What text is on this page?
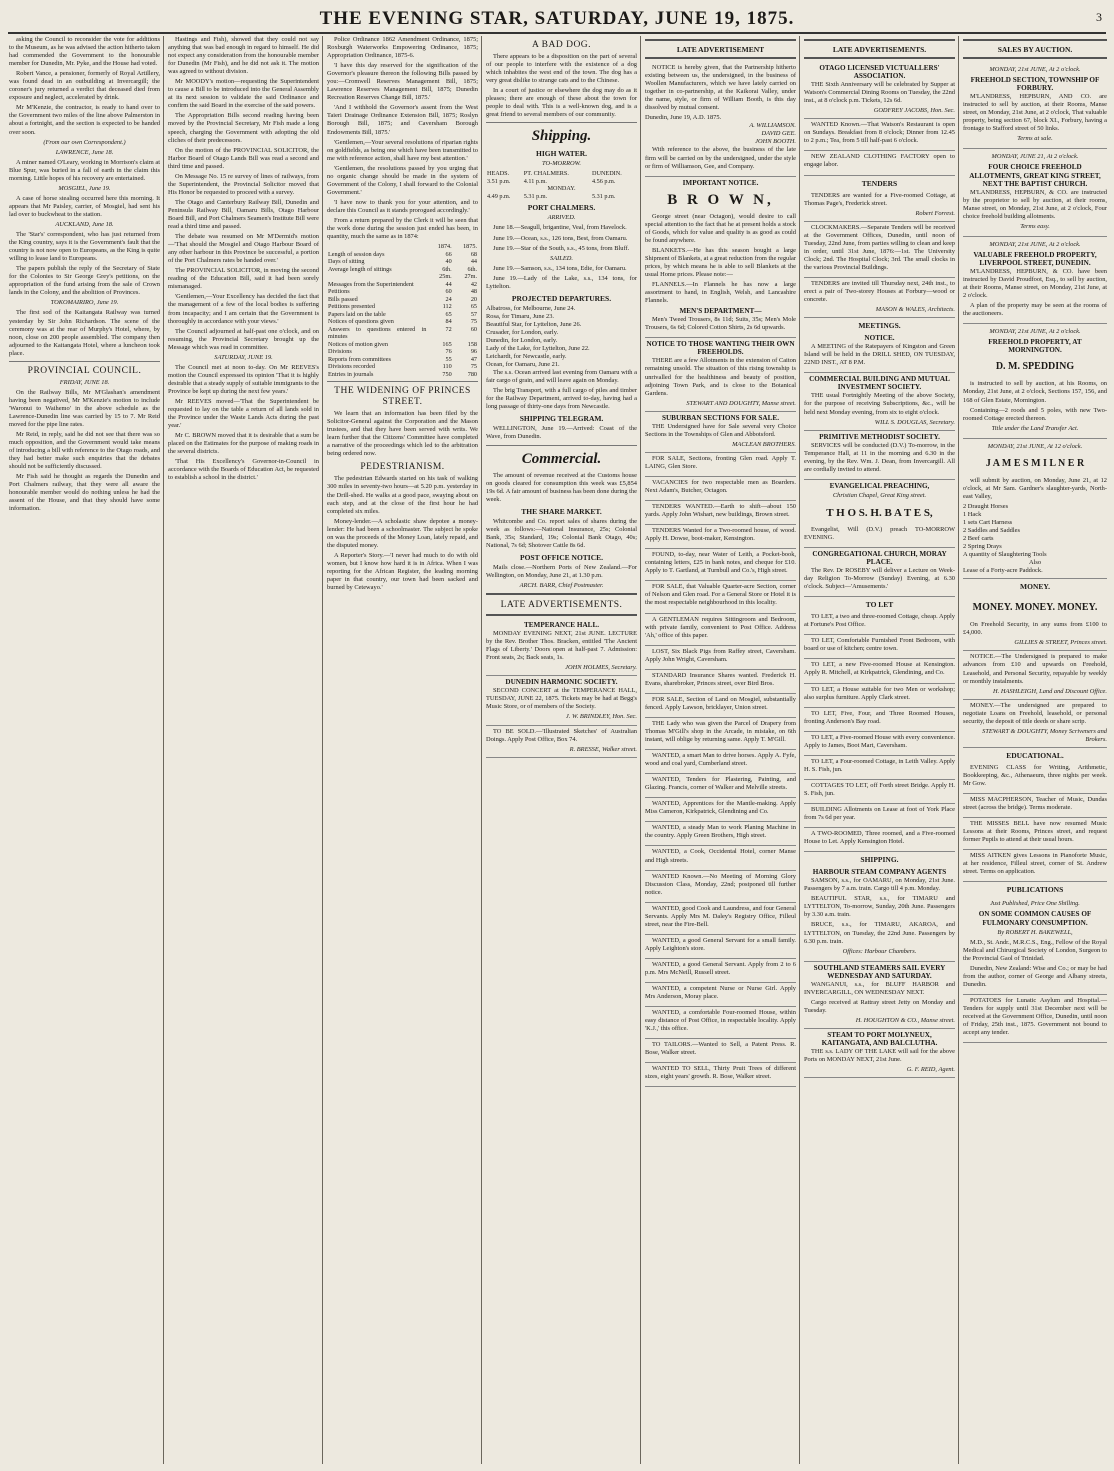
THE EVENING STAR, SATURDAY, JUNE 19, 1875.	3

asking the Council to reconsider the vote for additions to the Museum, as he was advised the action hitherto taken had commended the Government to the honourable member for Dunedin, Mr. Pyke, and the House had voted.

Robert Vance, a pensioner, formerly of Royal Artillery, was found dead in an outbuilding at Invercargill; the coroner's jury returned a verdict that deceased died from exposure and neglect, accelerated by drink.

Mr M'Kenzie, the contractor, is ready to hand over to the Government two miles of the line above Palmerston in about a fortnight, and the section is expected to be handed over soon.

(From our own Correspondent.)
LAWRENCE, June 18.

A miner named O'Leary, working in Morrison's claim at Blue Spur, was buried in a fall of earth in the claim this morning. Little hopes of his recovery are entertained.

MOSGIEL, June 19.

A case of horse stealing occurred here this morning. It appears that Mr Paisley, carrier, of Mosgiel, had sent his lad over to buckwheat to the station.

AUCKLAND, June 18.

The 'Star's' correspondent, who has just returned from the King country, says it is the Government's fault that the country is not now open to Europeans, as the King is quite willing to lease land to Europeans.

The papers publish the reply of the Secretary of State for the Colonies to Sir George Grey's petitions, on the appropriation of the fund arising from the sale of Crown lands in the Colony, and the abolition of Provinces.

TOKOMAIRIRO, June 19.

The first sod of the Kaitangata Railway was turned yesterday by Sir John Richardson. The scene of the ceremony was at the rear of Murphy's Hotel, where, by noon, close on 200 people assembled. The company then adjourned to the Kaitangata Hotel, where a luncheon took place.

PROVINCIAL COUNCIL.
FRIDAY, JUNE 18.

On the Railway Bills, Mr M'Glashan's amendment having been negatived, Mr M'Kenzie's motion to include 'Waronui to Waihemo' in the above schedule as the Lawrence-Dunedin line was carried by 15 to 7. Mr Reid moved for the pipe line rates.

Mr Reid, in reply, said he did not see that there was so much opposition, and the Government would take means of introducing a bill with reference to the Otago roads, and they had better make such enquiries that the debates should not be sufficiently discussed.

Mr Fish said he thought as regards the Dunedin and Port Chalmers railway, that they were all aware the honourable member would do nothing unless he had the assent of the House, and that they should have some information.

Hastings and Fish), showed that they could not say anything that was bad enough in regard to himself. He did not expect any consideration from the honourable member for Dunedin (Mr Fish), and he did not ask it. The motion was agreed to without division.

Mr MOODY's motion—requesting the Superintendent to cause a Bill to be introduced into the General Assembly at its next session to validate the said Ordinance and confirm the said Board in the exercise of the said powers.

The Appropriation Bills second reading having been moved by the Provincial Secretary, Mr Fish made a long speech, charging the Government with adopting the old cliches of their predecessors.

On the motion of the PROVINCIAL SOLICITOR, the Harbor Board of Otago Lands Bill was read a second and third time and passed.

On Message No. 15 re survey of lines of railways, from the Superintendent, the Provincial Solicitor moved that His Honor be requested to proceed with a survey.

The Otago and Canterbury Railway Bill, Dunedin and Peninsula Railway Bill, Oamaru Bills, Otago Harbour Board Bill, and Port Chalmers Seamen's Institute Bill were read a third time and passed.

The debate was resumed on Mr M'Dermid's motion—'That should the Mosgiel and Otago Harbour Board of any other harbour in this Province be successful, a portion of the Port Chalmers rates be handed over.'

The PROVINCIAL SOLICITOR, in moving the second reading of the Education Bill, said it had been sorely mismanaged.

'Gentlemen,—Your Excellency has decided the fact that the management of a few of the local bodies is suffering from incapacity; and I am certain that the Government is thoroughly in accordance with your views.'

The Council adjourned at half-past one o'clock, and on resuming, the Provincial Secretary brought up the Message which was read in committee.

SATURDAY, JUNE 19.

The Council met at noon to-day. On Mr REEVES's motion the Council expressed its opinion 'That it is highly desirable that a steady supply of suitable immigrants to the Province be kept up during the next few years.'

Mr REEVES moved—'That the Superintendent be requested to lay on the table a return of all lands sold in the Province under the Waste Lands Acts during the past year.'

Mr C. BROWN moved that it is desirable that a sum be placed on the Estimates for the purpose of making roads in the several districts.

'That His Excellency's Governor-in-Council in accordance with the Boards of Education Act, be requested to establish a school in the district.'

Police Ordinance 1862 Amendment Ordinance, 1875; Roxburgh Waterworks Empowering Ordinance, 1875; Appropriation Ordinance, 1875-6.

'I have this day reserved for the signification of the Governor's pleasure thereon the following Bills passed by you:—Cromwell Reserves Management Bill, 1875; Lawrence Reserves Management Bill, 1875; Dunedin Recreation Reserves Change Bill, 1875.'

'And I withhold the Governor's assent from the West Taieri Drainage Ordinance Extension Bill, 1875; Roslyn Borough Bill, 1875; and Caversham Borough Endowments Bill, 1875.'

'Gentlemen,—Your several resolutions of riparian rights on goldfields, as being one which have been transmitted to me with reference action, shall have my best attention.'

'Gentlemen, the resolutions passed by you urging that no organic change should be made in the system of Government of the Colony, I shall forward to the Colonial Government.'

'I have now to thank you for your attention, and to declare this Council as it stands prorogued accordingly.'

From a return prepared by the Clerk it will be seen that the work done during the session just ended has been, in quantity, much the same as in 1874:

	1874.	1875.
Length of session days	66	68
Days of sitting	40	44
Average length of sittings	6th. 25m.	6th. 27m.
Messages from the Superintendent	44	42
Petitions	60	48
Bills passed	24	20
Petitions presented	112	65
Papers laid on the table	65	57
Notices of questions given	84	75
Answers to questions entered in minutes	72	60
Notices of motion given	165	158
Divisions	76	96
Reports from committees	55	47
Divisions recorded	110	75
Entries in journals	750	780
THE WIDENING OF PRINCES STREET.

We learn that an information has been filed by the Solicitor-General against the Corporation and the Mason trustees, and that they have been served with writs. We learn further that the Citizens' Committee have completed a narrative of the proceedings which led to the arbitration being ordered now.

PEDESTRIANISM.

The pedestrian Edwards started on his task of walking 300 miles in seventy-two hours—at 5.20 p.m. yesterday in the Drill-shed. He walks at a good pace, swaying about on each step, and at the close of the first hour he had completed six miles.

Money-lender.—A scholastic shaw depotee a money-lender: He had been a schoolmaster. The subject he spoke on was the proceeds of the Money Loan, lately repaid, and the disputed money.

A Reporter's Story.—'I never had much to do with old women, but I know how hard it is in Africa. When I was reporting for the African Register, the leading morning paper in that country, our town had been sacked and burned by Cetewayo.'

A BAD DOG.

There appears to be a disposition on the part of several of our people to interfere with the existence of a dog which inhabites the west end of the town. The dog has a very great dislike to strange cats and to the Chinese.

In a court of justice or elsewhere the dog may do as it pleases; there are enough of these about the town for people to deal with. This is a well-known dog, and is a great friend to several members of our community.

Shipping.
HIGH WATER.
TO-MORROW.
HEADS.	PT. CHALMERS.	DUNEDIN.
3.51 p.m.	4.11 p.m.	4.56 p.m.
MONDAY.		
4.49 p.m.	5.31 p.m.	5.31 p.m.
PORT CHALMERS.
ARRIVED.

June 18.—Seagull, brigantine, Veal, from Havelock.

June 19.—Ocean, s.s., 126 tons, Best, from Oamaru.

June 19.—Star of the South, s.s., 45 tons, from Bluff.

SAILED.

June 19.—Samson, s.s., 134 tons, Edie, for Oamaru.

June 19.—Lady of the Lake, s.s., 134 tons, for Lyttelton.

PROJECTED DEPARTURES.
Albatross, for Melbourne, June 24.
Rosa, for Timaru, June 23.
Beautiful Star, for Lyttelton, June 26.
Crusader, for London, early.
Dunedin, for London, early.
Lady of the Lake, for Lyttelton, June 22.
Leichardt, for Newcastle, early.
Ocean, for Oamaru, June 21.

The s.s. Ocean arrived last evening from Oamaru with a fair cargo of grain, and will leave again on Monday.

The brig Transport, with a full cargo of piles and timber for the Railway Department, arrived to-day, having had a long passage of thirty-one days from Newcastle.

SHIPPING TELEGRAM.

WELLINGTON, June 19.—Arrived: Coast of the Wave, from Dunedin.

Commercial.

The amount of revenue received at the Customs house on goods cleared for consumption this week was £5,854 19s 6d. A fair amount of business has been done during the week.

THE SHARE MARKET.

Whitcombe and Co. report sales of shares during the week as follows:—National Insurance, 25s; Colonial Bank, 35s; Standard, 19s; Colonial Bank Otago, 40s; National, 7s 6d; Shotover Cattle 8s 6d.

POST OFFICE NOTICE.

Mails close.—Northern Ports of New Zealand.—For Wellington, on Monday, June 21, at 1.30 p.m.

ARCH. BARR, Chief Postmaster.
LATE ADVERTISEMENTS.
TEMPERANCE HALL.

MONDAY EVENING NEXT, 21st JUNE. LECTURE by the Rev. Brother Thos. Bracken, entitled 'The Ancient Flags of Liberty.' Doors open at half-past 7. Admission: Front seats, 2s; Back seats, 1s.

JOHN HOLMES, Secretary.
DUNEDIN HARMONIC SOCIETY.

SECOND CONCERT at the TEMPERANCE HALL, TUESDAY, JUNE 22, 1875. Tickets may be had at Begg's Music Store, or of members of the Society.

J. W. BRINDLEY, Hon. Sec.

TO BE SOLD.—'Illustrated Sketches' of Australian Doings. Apply Post Office, Box 74.

R. BRESSE, Walker street.
LATE ADVERTISEMENT

NOTICE is hereby given, that the Partnership hitherto existing between us, the undersigned, in the business of Woollen Manufacturers, which we have lately carried on together in co-partnership, at the Kaikorai Valley, under the name, style, or firm of William Booth, is this day dissolved by mutual consent.

Dunedin, June 19, A.D. 1875.
A. WILLIAMSON.
DAVID GEE.
JOHN BOOTH.

With reference to the above, the business of the late firm will be carried on by the undersigned, under the style or firm of Williamson, Gee, and Company.

IMPORTANT NOTICE.
B R O W N,

George street (near Octagon), would desire to call special attention to the fact that he at present holds a stock of Goods, which for value and quality is as good as could be found anywhere.

BLANKETS.—He has this season bought a large Shipment of Blankets, at a great reduction from the regular prices, by which means he is able to sell Blankets at the usual Home prices. Please note:—

FLANNELS.—In Flannels he has now a large assortment to hand, in English, Welsh, and Lancashire Flannels.

MEN'S DEPARTMENT—

Men's Tweed Trousers, 8s 11d; Suits, 35s; Men's Mole Trousers, 6s 6d; Colored Cotton Shirts, 2s 6d upwards.

NOTICE TO THOSE WANTING THEIR OWN FREEHOLDS.

THERE are a few Allotments in the extension of Caiton remaining unsold. The situation of this rising township is unrivalled for the healthiness and beauty of position, adjoining Town Park, and is close to the Botanical Gardens.

STEWART AND DOUGHTY, Manse street.
SUBURBAN SECTIONS FOR SALE.

THE Undersigned have for Sale several very Choice Sections in the Townships of Glen and Abbotsford.

MACLEAN BROTHERS.

FOR SALE, Sections, fronting Glen road. Apply T. LAING, Glen Store.

VACANCIES for two respectable men as Boarders. Next Adam's, Butcher, Octagon.

TENDERS WANTED.—Earth to shift—about 150 yards. Apply John Wishart, new buildings, Brown street.

TENDERS Wanted for a Two-roomed house, of wood. Apply H. Dowse, boot-maker, Kensington.

FOUND, to-day, near Water of Leith, a Pocket-book, containing letters, £25 in bank notes, and cheque for £10. Apply to T. Gartland, at Turnbull and Co.'s, High street.

FOR SALE, that Valuable Quarter-acre Section, corner of Nelson and Glen road. For a General Store or Hotel it is the most respectable neighbourhood in this locality.

A GENTLEMAN requires Sittingroom and Bedroom, with private family, convenient to Post Office. Address 'Ah,' office of this paper.

LOST, Six Black Pigs from Raffey street, Caversham. Apply John Wright, Caversham.

STANDARD Insurance Shares wanted. Frederick H. Evans, sharebroker, Princes street, over Bird Bros.

FOR SALE, Section of Land on Mosgiel, substantially fenced. Apply Lawson, bricklayer, Union street.

THE Lady who was given the Parcel of Drapery from Thomas M'Gill's shop in the Arcade, in mistake, on 6th instant, will oblige by returning same. Apply T. M'Gill.

WANTED, a smart Man to drive horses. Apply A. Fyfe, wood and coal yard, Cumberland street.

WANTED, Tenders for Plastering, Painting, and Glazing. Francis, corner of Walker and Melville streets.

WANTED, Apprentices for the Mantle-making. Apply Miss Cameron, Kirkpatrick, Glendining and Co.

WANTED, a steady Man to work Planing Machine in the country. Apply Green Brothers, High street.

WANTED, a Cook, Occidental Hotel, corner Manse and High streets.

WANTED Known.—No Meeting of Morning Glory Discussion Class, Monday, 22nd; postponed till further notice.

WANTED, good Cook and Laundress, and four General Servants. Apply Mrs M. Daley's Registry Office, Filleul street, near the Fire-Bell.

WANTED, a good General Servant for a small family. Apply Leighton's store.

WANTED, a good General Servant. Apply from 2 to 6 p.m. Mrs McNeill, Russell street.

WANTED, a competent Nurse or Nurse Girl. Apply Mrs Anderson, Moray place.

WANTED, a comfortable Four-roomed House, within easy distance of Post Office, in respectable locality. Apply 'K.J.,' this office.

TO TAILORS.—Wanted to Sell, a Patent Press. R. Bose, Walker street.

WANTED TO SELL, Thirty Pruit Trees of different sizes, eight years' growth. R. Bose, Walker street.

LATE ADVERTISEMENTS.
OTAGO LICENSED VICTUALLERS' ASSOCIATION.

THE Sixth Anniversary will be celebrated by Supper at Watson's Commercial Dining Rooms on Tuesday, the 22nd inst., at 8 o'clock p.m. Tickets, 12s 6d.

GODFREY JACOBS, Hon. Sec.

WANTED Known.—That Watson's Restaurant is open on Sundays. Breakfast from 8 o'clock; Dinner from 12.45 to 2 p.m.; Tea, from 5 till half-past 6 o'clock.

NEW ZEALAND CLOTHING FACTORY open to engage labor.

TENDERS

TENDERS are wanted for a Five-roomed Cottage, at Thomas Page's, Frederick street.

Robert Forrest.

CLOCKMAKERS.—Separate Tenders will be received at the Government Offices, Dunedin, until noon of Tuesday, 22nd June, from parties willing to clean and keep in order, until 31st June, 1876:—1st. The University Clock; 2nd. The Hospital Clock; 3rd. The small clocks in the various Provincial Buildings.

TENDERS are invited till Thursday next, 24th inst., to erect a pair of Two-storey Houses at Forbury—wood or concrete.

MASON & WALES, Architects.
MEETINGS.
NOTICE.

A MEETING of the Ratepayers of Kingston and Green Island will be held in the DRILL SHED, ON TUESDAY, 22ND INST., AT 8 P.M.

COMMERCIAL BUILDING AND MUTUAL INVESTMENT SOCIETY.

THE usual Fortnightly Meeting of the above Society, for the purpose of receiving Subscriptions, &c., will be held next Monday evening, from six to eight o'clock.

WILL S. DOUGLAS, Secretary.
PRIMITIVE METHODIST SOCIETY.

SERVICES will be conducted (D.V.) To-morrow, in the Temperance Hall, at 11 in the morning and 6.30 in the evening, by the Rev. Wm. J. Dean, from Invercargill. All are cordially invited to attend.

EVANGELICAL PREACHING,
Christian Chapel, Great King street.
T H O S. H. B A T E S,

Evangelist, Will (D.V.) preach TO-MORROW EVENING.

CONGREGATIONAL CHURCH, MORAY PLACE.

The Rev. Dr ROSEBY will deliver a Lecture on Week-day Religion To-Morrow (Sunday) Evening, at 6.30 o'clock. Subject—'Amusements.'

TO LET

TO LET, a two and three-roomed Cottage, cheap. Apply at Fortune's Post Office.

TO LET, Comfortable Furnished Front Bedroom, with board or use of kitchen; centre town.

TO LET, a new Five-roomed House at Kensington. Apply R. Mitchell, at Kirkpatrick, Glendining, and Co.

TO LET, a House suitable for two Men or workshop; also surplus furniture. Apply Clark street.

TO LET, Five, Four, and Three Roomed Houses, fronting Anderson's Bay road.

TO LET, a Five-roomed House with every convenience. Apply to James, Boot Mart, Caversham.

TO LET, a Four-roomed Cottage, in Leith Valley. Apply H. S. Fish, jun.

COTTAGES TO LET, off Forth street Bridge. Apply H. S. Fish, jun.

BUILDING Allotments on Lease at foot of York Place from 7s 6d per year.

A TWO-ROOMED, Three roomed, and a Five-roomed House to Let. Apply Kensington Hotel.

SHIPPING.
HARBOUR STEAM COMPANY AGENTS

SAMSON, s.s., for OAMARU, on Monday, 21st June. Passengers by 7 a.m. train. Cargo till 4 p.m. Monday.

BEAUTIFUL STAR, s.s., for TIMARU and LYTTELTON, To-morrow, Sunday, 20th June. Passengers by 3.30 a.m. train.

BRUCE, s.s., for TIMARU, AKAROA, and LYTTELTON, on Tuesday, the 22nd June. Passengers by 6.30 p.m. train.

Offices: Harbour Chambers.
SOUTHLAND STEAMERS SAIL EVERY WEDNESDAY AND SATURDAY.

WANGANUI, s.s., for BLUFF HARBOR and INVERCARGILL, ON WEDNESDAY NEXT.

Cargo received at Rattray street Jetty on Monday and Tuesday.

H. HOUGHTON & CO., Manse street.
STEAM TO PORT MOLYNEUX, KAITANGATA, AND BALCLUTHA.

THE s.s. LADY OF THE LAKE will sail for the above Ports on MONDAY NEXT, 21st June.

G. F. REID, Agent.
SALES BY AUCTION.
MONDAY, 21st JUNE, At 2 o'clock.
FREEHOLD SECTION, TOWNSHIP OF FORBURY.

M'LANDRESS, HEPBURN, AND CO. are instructed to sell by auction, at their Rooms, Manse street, on Monday, 21st June, at 2 o'clock, That valuable property, being section 67, block XI., Forbury, having a frontage to Stafford street of 50 links.

Terms at sale.
MONDAY, JUNE 21, At 2 o'clock.
FOUR CHOICE FREEHOLD ALLOTMENTS, GREAT KING STREET, NEXT THE BAPTIST CHURCH.

M'LANDRESS, HEPBURN, & CO. are instructed by the proprietor to sell by auction, at their rooms, Manse street, on Monday, 21st June, at 2 o'clock, Four choice freehold building allotments.

Terms easy.
MONDAY, 21st JUNE, At 2 o'clock.
VALUABLE FREEHOLD PROPERTY, LIVERPOOL STREET, DUNEDIN.

M'LANDRESS, HEPBURN, & CO. have been instructed by David Proudfoot, Esq., to sell by auction, at their Rooms, Manse street, on Monday, 21st June, at 2 o'clock.

A plan of the property may be seen at the rooms of the auctioneers.

MONDAY, 21st JUNE, At 2 o'clock.
FREEHOLD PROPERTY, AT MORNINGTON.
D. M. SPEDDING

is instructed to sell by auction, at his Rooms, on Monday, 21st June, at 2 o'clock, Sections 157, 156, and 168 of Glen Estate, Mornington.

Containing—2 roods and 5 poles, with new Two-roomed Cottage erected thereon.

Title under the Land Transfer Act.
MONDAY, 21st JUNE, At 12 o'clock.
J A M E S M I L N E R

will submit by auction, on Monday, June 21, at 12 o'clock, at Mr Sam. Gardner's slaughter-yards, North-east Valley,

2 Draught Horses
1 Hack
1 sets Cart Harness
2 Saddles and Saddles
2 Beef carts
2 Spring Drays
A quantity of Slaughtering Tools
Also
Lease of a Forty-acre Paddock.
MONEY.
MONEY. MONEY. MONEY.

On Freehold Security, in any sums from £100 to £4,000.

GILLIES & STREET, Princes street.

NOTICE.—The Undersigned is prepared to make advances from £10 and upwards on Freehold, Leasehold, and Personal Security, repayable by weekly or monthly instalments.

H. HASHLEIGH, Land and Discount Office.

MONEY.—The undersigned are prepared to negotiate Loans on Freehold, leasehold, or personal security, the deposit of title deeds or share scrip.

STEWART & DOUGHTY, Money Scriveners and Brokers.
EDUCATIONAL.

EVENING CLASS for Writing, Arithmetic, Bookkeeping, &c., Athenaeum, three nights per week. Mr Gow.

MISS MACPHERSON, Teacher of Music, Dundas street (across the bridge). Terms moderate.

THE MISSES BELL have now resumed Music Lessons at their Rooms, Princes street, and request former Pupils to attend at their usual hours.

MISS AITKEN gives Lessons in Pianoforte Music, at her residence, Filleul street, corner of St. Andrew street. Terms on application.

PUBLICATIONS
Just Published, Price One Shilling.
ON SOME COMMON CAUSES OF FULMONARY CONSUMPTION.
By ROBERT H. BAKEWELL,

M.D., St. Andr., M.R.C.S., Eng., Fellow of the Royal Medical and Chirurgical Society of London, Surgeon to the Provincial Gaol of Trinidad.

Dunedin, New Zealand: Wise and Co.; or may be had from the author, corner of George and Albany streets, Dunedin.

POTATOES for Lunatic Asylum and Hospital.—Tenders for supply until 31st December next will be received at the Government Office, Dunedin, until noon of Friday, 25th inst., 1875. Government not bound to accept any tender.
